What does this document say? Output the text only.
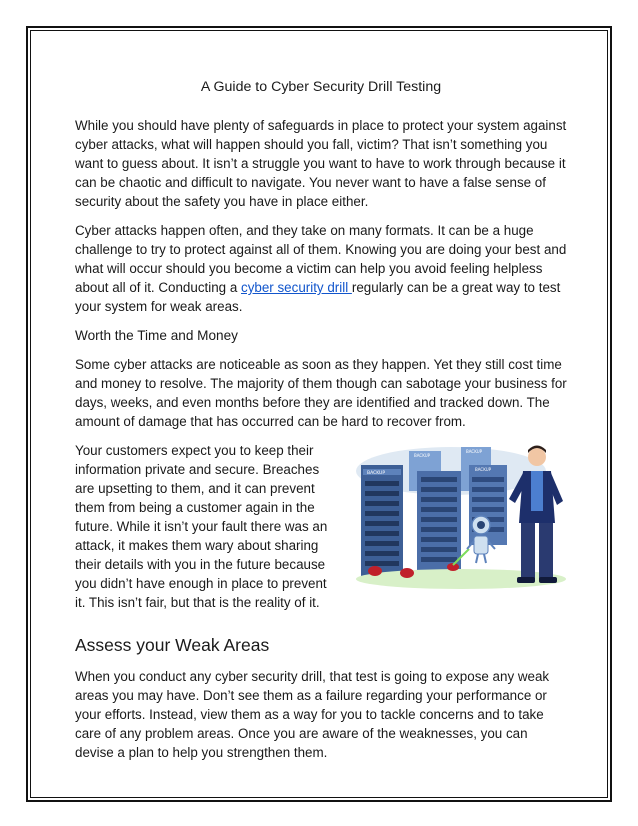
A Guide to Cyber Security Drill Testing

While you should have plenty of safeguards in place to protect your system against cyber attacks, what will happen should you fall, victim? That isn’t something you want to guess about. It isn’t a struggle you want to have to work through because it can be chaotic and difficult to navigate. You never want to have a false sense of security about the safety you have in place either.

Cyber attacks happen often, and they take on many formats. It can be a huge challenge to try to protect against all of them. Knowing you are doing your best and what will occur should you become a victim can help you avoid feeling helpless about all of it. Conducting a cyber security drill regularly can be a great way to test your system for weak areas.

Worth the Time and Money

Some cyber attacks are noticeable as soon as they happen. Yet they still cost time and money to resolve. The majority of them though can sabotage your business for days, weeks, and even months before they are identified and tracked down. The amount of damage that has occurred can be hard to recover from.

BACKUP
BACKUP
BACKUP
BACKUP

Your customers expect you to keep their information private and secure. Breaches are upsetting to them, and it can prevent them from being a customer again in the future. While it isn’t your fault there was an attack, it makes them wary about sharing their details with you in the future because you didn’t have enough in place to prevent it. This isn’t fair, but that is the reality of it.

Assess your Weak Areas

When you conduct any cyber security drill, that test is going to expose any weak areas you may have. Don’t see them as a failure regarding your performance or your efforts. Instead, view them as a way for you to tackle concerns and to take care of any problem areas. Once you are aware of the weaknesses, you can devise a plan to help you strengthen them.
